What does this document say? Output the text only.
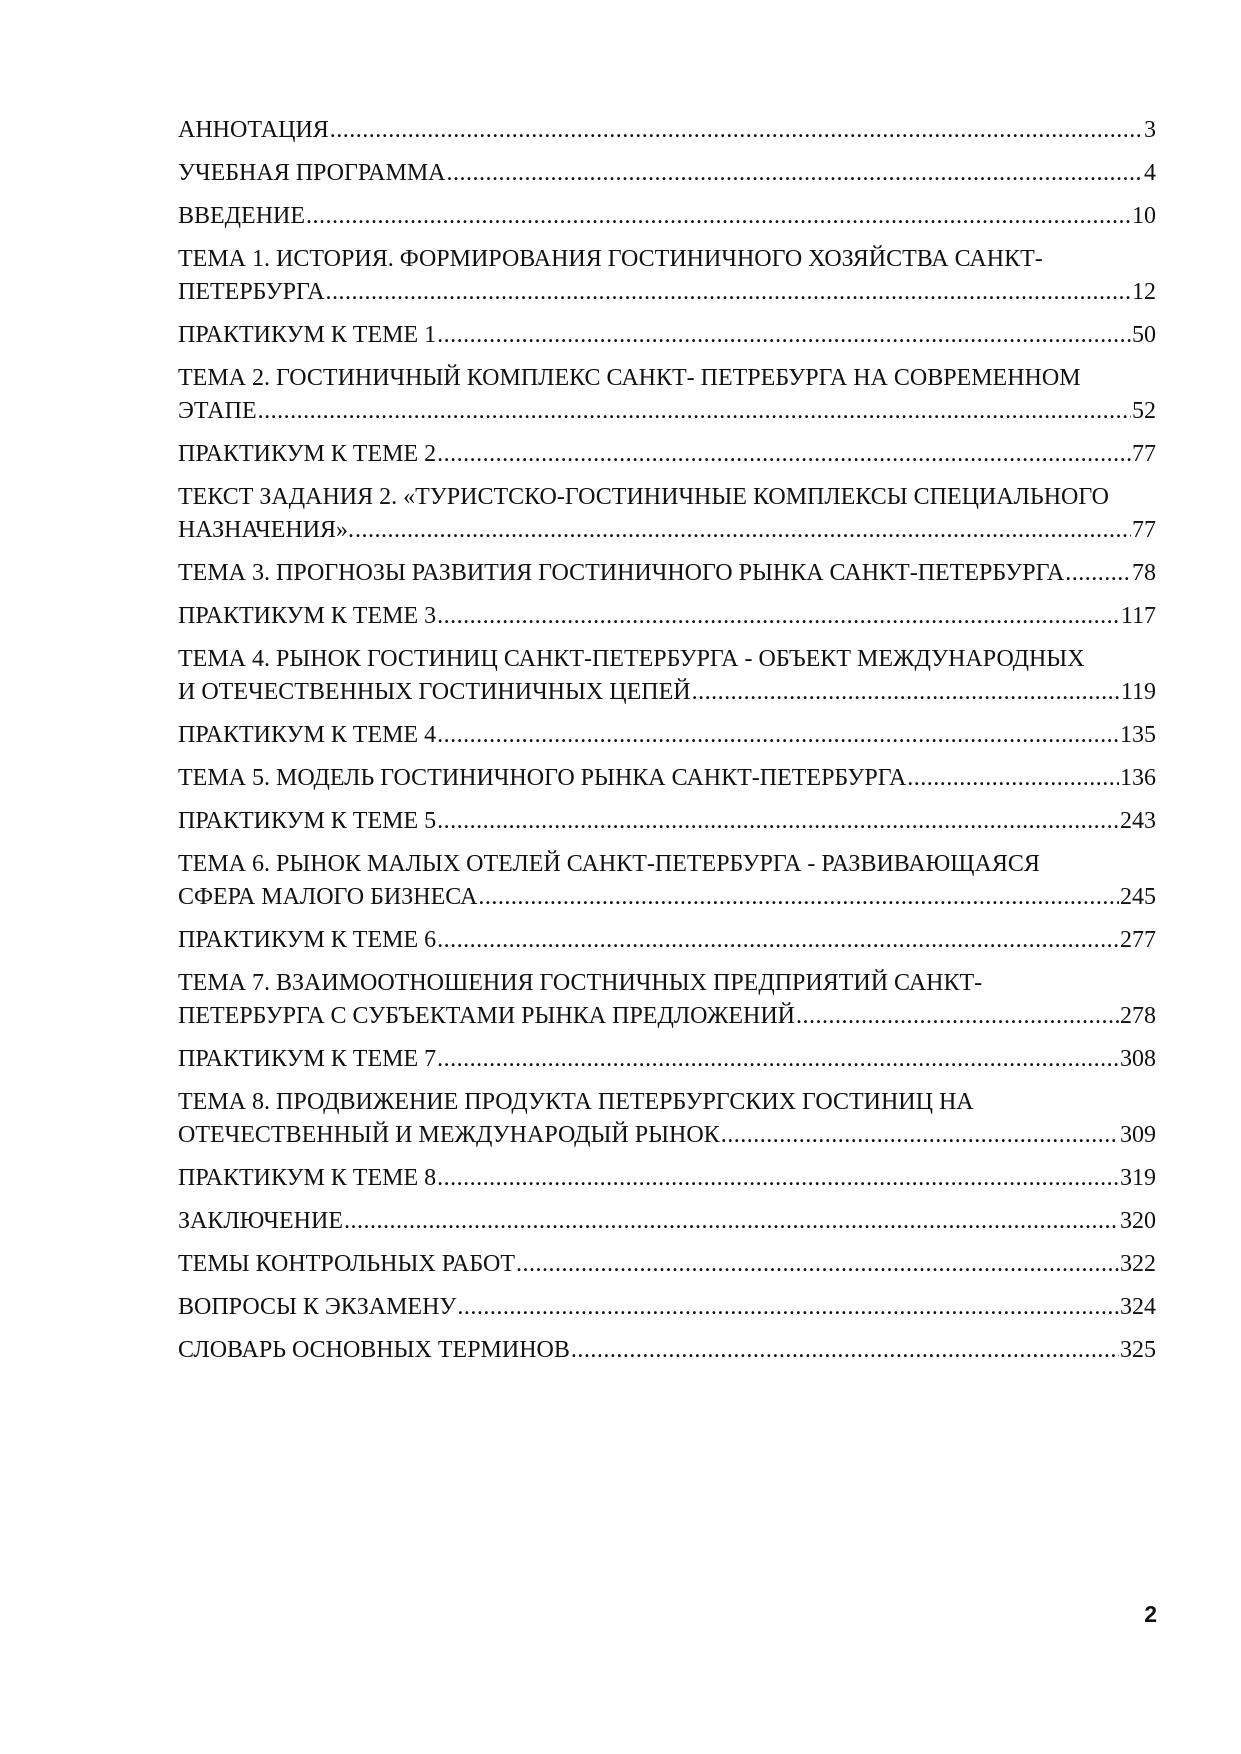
АННОТАЦИЯ .....	3
УЧЕБНАЯ ПРОГРАММА .....	4
ВВЕДЕНИЕ .....	10
ТЕМА 1. ИСТОРИЯ. ФОРМИРОВАНИЯ ГОСТИНИЧНОГО ХОЗЯЙСТВА САНКТ-
ПЕТЕРБУРГА .....	12
ПРАКТИКУМ К ТЕМЕ 1 .....	50
ТЕМА 2. ГОСТИНИЧНЫЙ КОМПЛЕКС САНКТ- ПЕТРЕБУРГА НА СОВРЕМЕННОМ
ЭТАПЕ .....	52
ПРАКТИКУМ К ТЕМЕ 2 .....	77
ТЕКСТ ЗАДАНИЯ 2. «ТУРИСТСКО-ГОСТИНИЧНЫЕ КОМПЛЕКСЫ СПЕЦИАЛЬНОГО
НАЗНАЧЕНИЯ». .....	77
ТЕМА 3. ПРОГНОЗЫ РАЗВИТИЯ ГОСТИНИЧНОГО РЫНКА САНКТ-ПЕТЕРБУРГА .....	78
ПРАКТИКУМ К ТЕМЕ 3 .....	117
ТЕМА 4. РЫНОК ГОСТИНИЦ САНКТ-ПЕТЕРБУРГА - ОБЪЕКТ МЕЖДУНАРОДНЫХ
И ОТЕЧЕСТВЕННЫХ ГОСТИНИЧНЫХ ЦЕПЕЙ .....	119
ПРАКТИКУМ К ТЕМЕ 4 .....	135
ТЕМА 5. МОДЕЛЬ ГОСТИНИЧНОГО РЫНКА САНКТ-ПЕТЕРБУРГА .....	136
ПРАКТИКУМ К ТЕМЕ 5 .....	243
ТЕМА 6. РЫНОК МАЛЫХ ОТЕЛЕЙ САНКТ-ПЕТЕРБУРГА - РАЗВИВАЮЩАЯСЯ
СФЕРА МАЛОГО БИЗНЕСА .....	245
ПРАКТИКУМ К ТЕМЕ 6 .....	277
ТЕМА 7. ВЗАИМООТНОШЕНИЯ ГОСТНИЧНЫХ ПРЕДПРИЯТИЙ САНКТ-
ПЕТЕРБУРГА С СУБЪЕКТАМИ РЫНКА ПРЕДЛОЖЕНИЙ .....	278
ПРАКТИКУМ К ТЕМЕ 7 .....	308
ТЕМА 8. ПРОДВИЖЕНИЕ ПРОДУКТА ПЕТЕРБУРГСКИХ ГОСТИНИЦ НА
ОТЕЧЕСТВЕННЫЙ И МЕЖДУНАРОДЫЙ РЫНОК .....	309
ПРАКТИКУМ К ТЕМЕ 8 .....	319
ЗАКЛЮЧЕНИЕ .....	320
ТЕМЫ КОНТРОЛЬНЫХ РАБОТ .....	322
ВОПРОСЫ К ЭКЗАМЕНУ .....	324
СЛОВАРЬ ОСНОВНЫХ ТЕРМИНОВ .....	325
2
